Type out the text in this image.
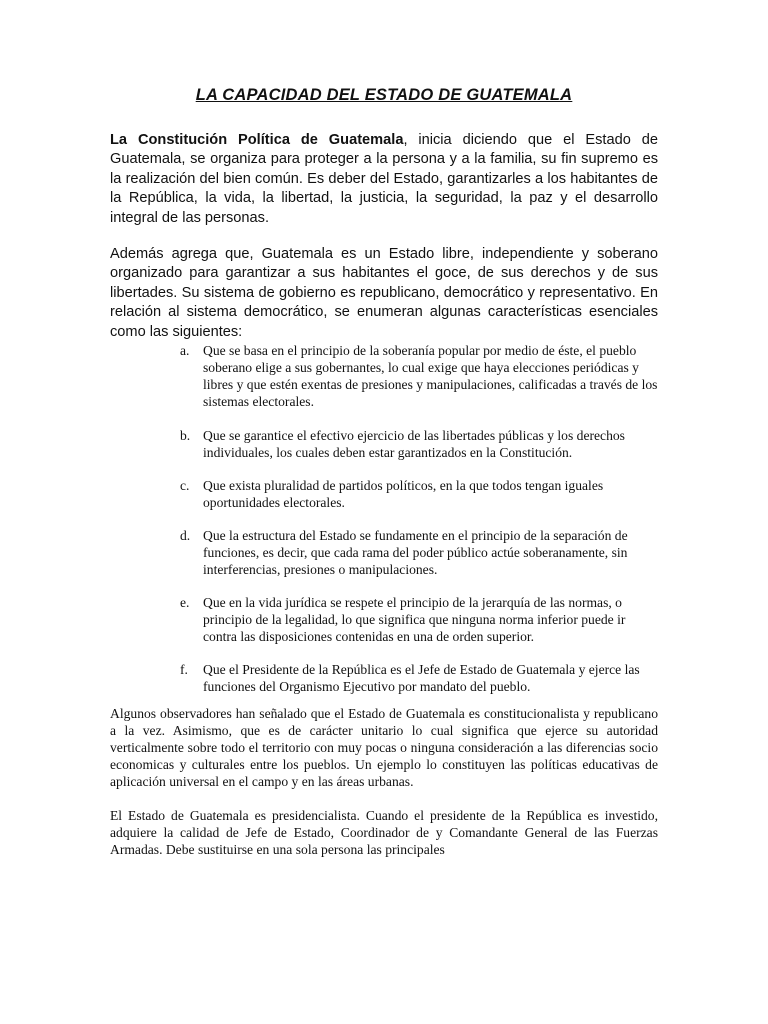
LA CAPACIDAD DEL ESTADO DE GUATEMALA

La Constitución Política de Guatemala, inicia diciendo que el Estado de Guatemala, se organiza para proteger a la persona y a la familia, su fin supremo es la realización del bien común. Es deber del Estado, garantizarles a los habitantes de la República, la vida, la libertad, la justicia, la seguridad, la paz y el desarrollo integral de las personas.

Además agrega que, Guatemala es un Estado libre, independiente y soberano organizado para garantizar a sus habitantes el goce, de sus derechos y de sus libertades. Su sistema de gobierno es republicano, democrático y representativo. En relación al sistema democrático, se enumeran algunas características esenciales como las siguientes:

a. Que se basa en el principio de la soberanía popular por medio de éste, el pueblo soberano elige a sus gobernantes, lo cual exige que haya elecciones periódicas y libres y que estén exentas de presiones y manipulaciones, calificadas a través de los sistemas electorales.
b. Que se garantice el efectivo ejercicio de las libertades públicas y los derechos individuales, los cuales deben estar garantizados en la Constitución.
c. Que exista pluralidad de partidos políticos, en la que todos tengan iguales oportunidades electorales.
d. Que la estructura del Estado se fundamente en el principio de la separación de funciones, es decir, que cada rama del poder público actúe soberanamente, sin interferencias, presiones o manipulaciones.
e. Que en la vida jurídica se respete el principio de la jerarquía de las normas, o principio de la legalidad, lo que significa que ninguna norma inferior puede ir contra las disposiciones contenidas en una de orden superior.
f. Que el Presidente de la República es el Jefe de Estado de Guatemala y ejerce las funciones del Organismo Ejecutivo por mandato del pueblo.

Algunos observadores han señalado que el Estado de Guatemala es constitucionalista y republicano a la vez. Asimismo, que es de carácter unitario lo cual significa que ejerce su autoridad verticalmente sobre todo el territorio con muy pocas o ninguna consideración a las diferencias socio economicas y culturales entre los pueblos. Un ejemplo lo constituyen las políticas educativas de aplicación universal en el campo y en las áreas urbanas.

El Estado de Guatemala es presidencialista. Cuando el presidente de la República es investido, adquiere la calidad de Jefe de Estado, Coordinador de y Comandante General de las Fuerzas Armadas. Debe sustituirse en una sola persona las principales
